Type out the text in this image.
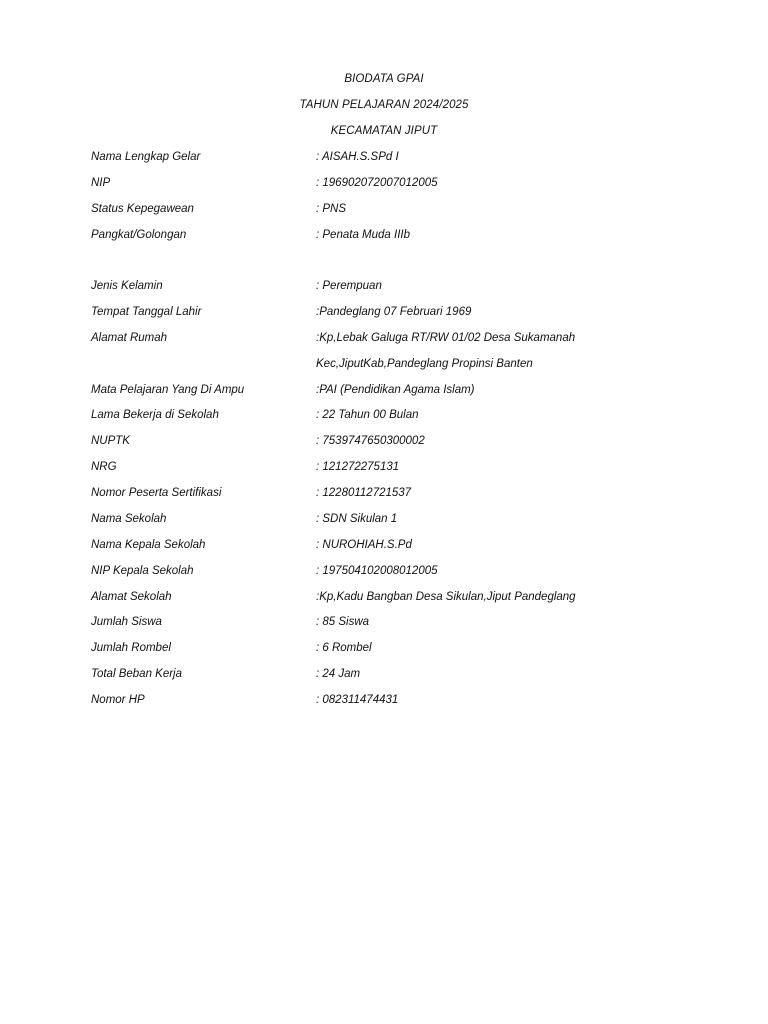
BIODATA GPAI
TAHUN PELAJARAN 2024/2025
KECAMATAN JIPUT
Nama Lengkap Gelar	: AISAH.S.SPd I
NIP	: 196902072007012005
Status Kepegawean	: PNS
Pangkat/Golongan	: Penata Muda IIIb
Jenis Kelamin	: Perempuan
Tempat Tanggal Lahir	:Pandeglang 07 Februari 1969
Alamat Rumah	:Kp,Lebak Galuga RT/RW 01/02 Desa Sukamanah
Kec,JiputKab,Pandeglang Propinsi Banten
Mata Pelajaran Yang Di Ampu	:PAI (Pendidikan Agama Islam)
Lama Bekerja di Sekolah	: 22 Tahun 00 Bulan
NUPTK	: 7539747650300002
NRG	: 121272275131
Nomor Peserta Sertifikasi	: 12280112721537
Nama Sekolah	: SDN Sikulan 1
Nama Kepala Sekolah	: NUROHIAH.S.Pd
NIP Kepala Sekolah	: 197504102008012005
Alamat Sekolah	:Kp,Kadu Bangban Desa Sikulan,Jiput Pandeglang
Jumlah Siswa	: 85 Siswa
Jumlah Rombel	: 6 Rombel
Total Beban Kerja	: 24 Jam
Nomor HP	: 082311474431
